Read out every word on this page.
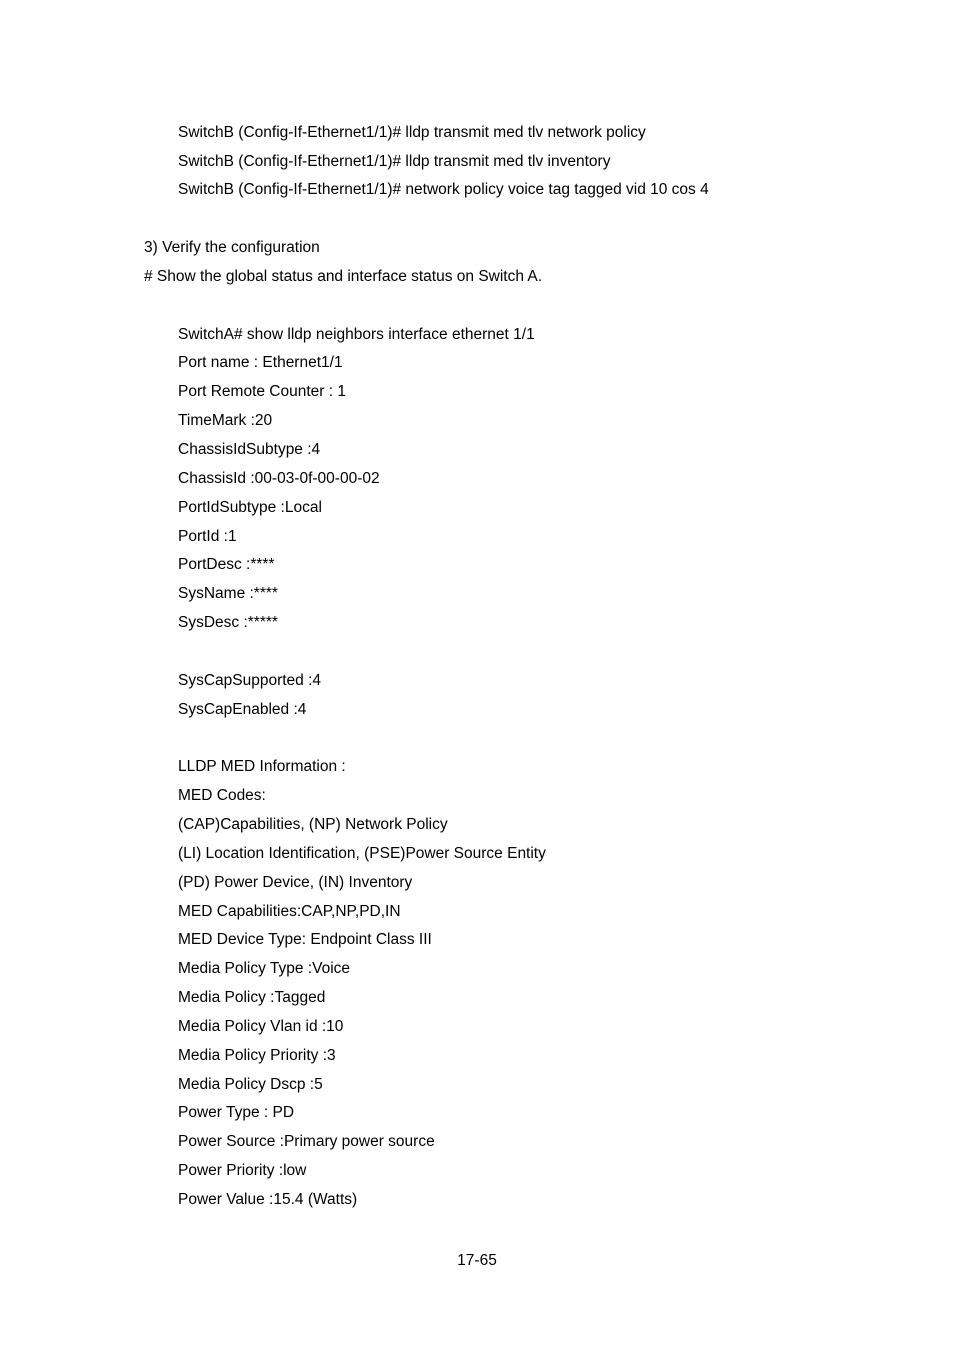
SwitchB (Config-If-Ethernet1/1)# lldp transmit med tlv network policy
SwitchB (Config-If-Ethernet1/1)# lldp transmit med tlv inventory
SwitchB (Config-If-Ethernet1/1)# network policy voice tag tagged vid 10 cos 4
3) Verify the configuration
# Show the global status and interface status on Switch A.
SwitchA# show lldp neighbors interface ethernet 1/1
Port name : Ethernet1/1
Port Remote Counter : 1
TimeMark :20
ChassisIdSubtype :4
ChassisId :00-03-0f-00-00-02
PortIdSubtype :Local
PortId :1
PortDesc :****
SysName :****
SysDesc :*****
SysCapSupported :4
SysCapEnabled :4
LLDP MED Information :
MED Codes:
(CAP)Capabilities, (NP) Network Policy
(LI) Location Identification, (PSE)Power Source Entity
(PD) Power Device, (IN) Inventory
MED Capabilities:CAP,NP,PD,IN
MED Device Type: Endpoint Class III
Media Policy Type :Voice
Media Policy :Tagged
Media Policy Vlan id :10
Media Policy Priority :3
Media Policy Dscp :5
Power Type : PD
Power Source :Primary power source
Power Priority :low
Power Value :15.4 (Watts)
17-65
